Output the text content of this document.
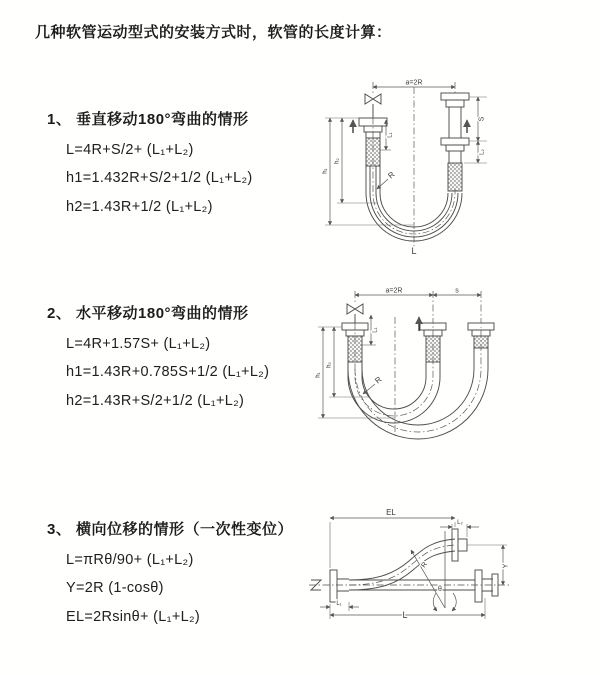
几种软管运动型式的安装方式时，软管的长度计算：
1、 垂直移动180°弯曲的情形
L=4R+S/2+ (L₁+L₂)
h1=1.432R+S/2+1/2 (L₁+L₂)
h2=1.43R+1/2 (L₁+L₂)
2、 水平移动180°弯曲的情形
L=4R+1.57S+ (L₁+L₂)
h1=1.43R+0.785S+1/2 (L₁+L₂)
h2=1.43R+S/2+1/2 (L₁+L₂)
3、 横向位移的情形（一次性变位）
L=πRθ/90+ (L₁+L₂)
Y=2R (1-cosθ)
EL=2Rsinθ+ (L₁+L₂)
a=2R
S
L₂
L₁
h₁
h₂
R
L
a=2R	s
L₁
h₁
h₂
R
EL
L₂
Y
θ
R
L
L₁
